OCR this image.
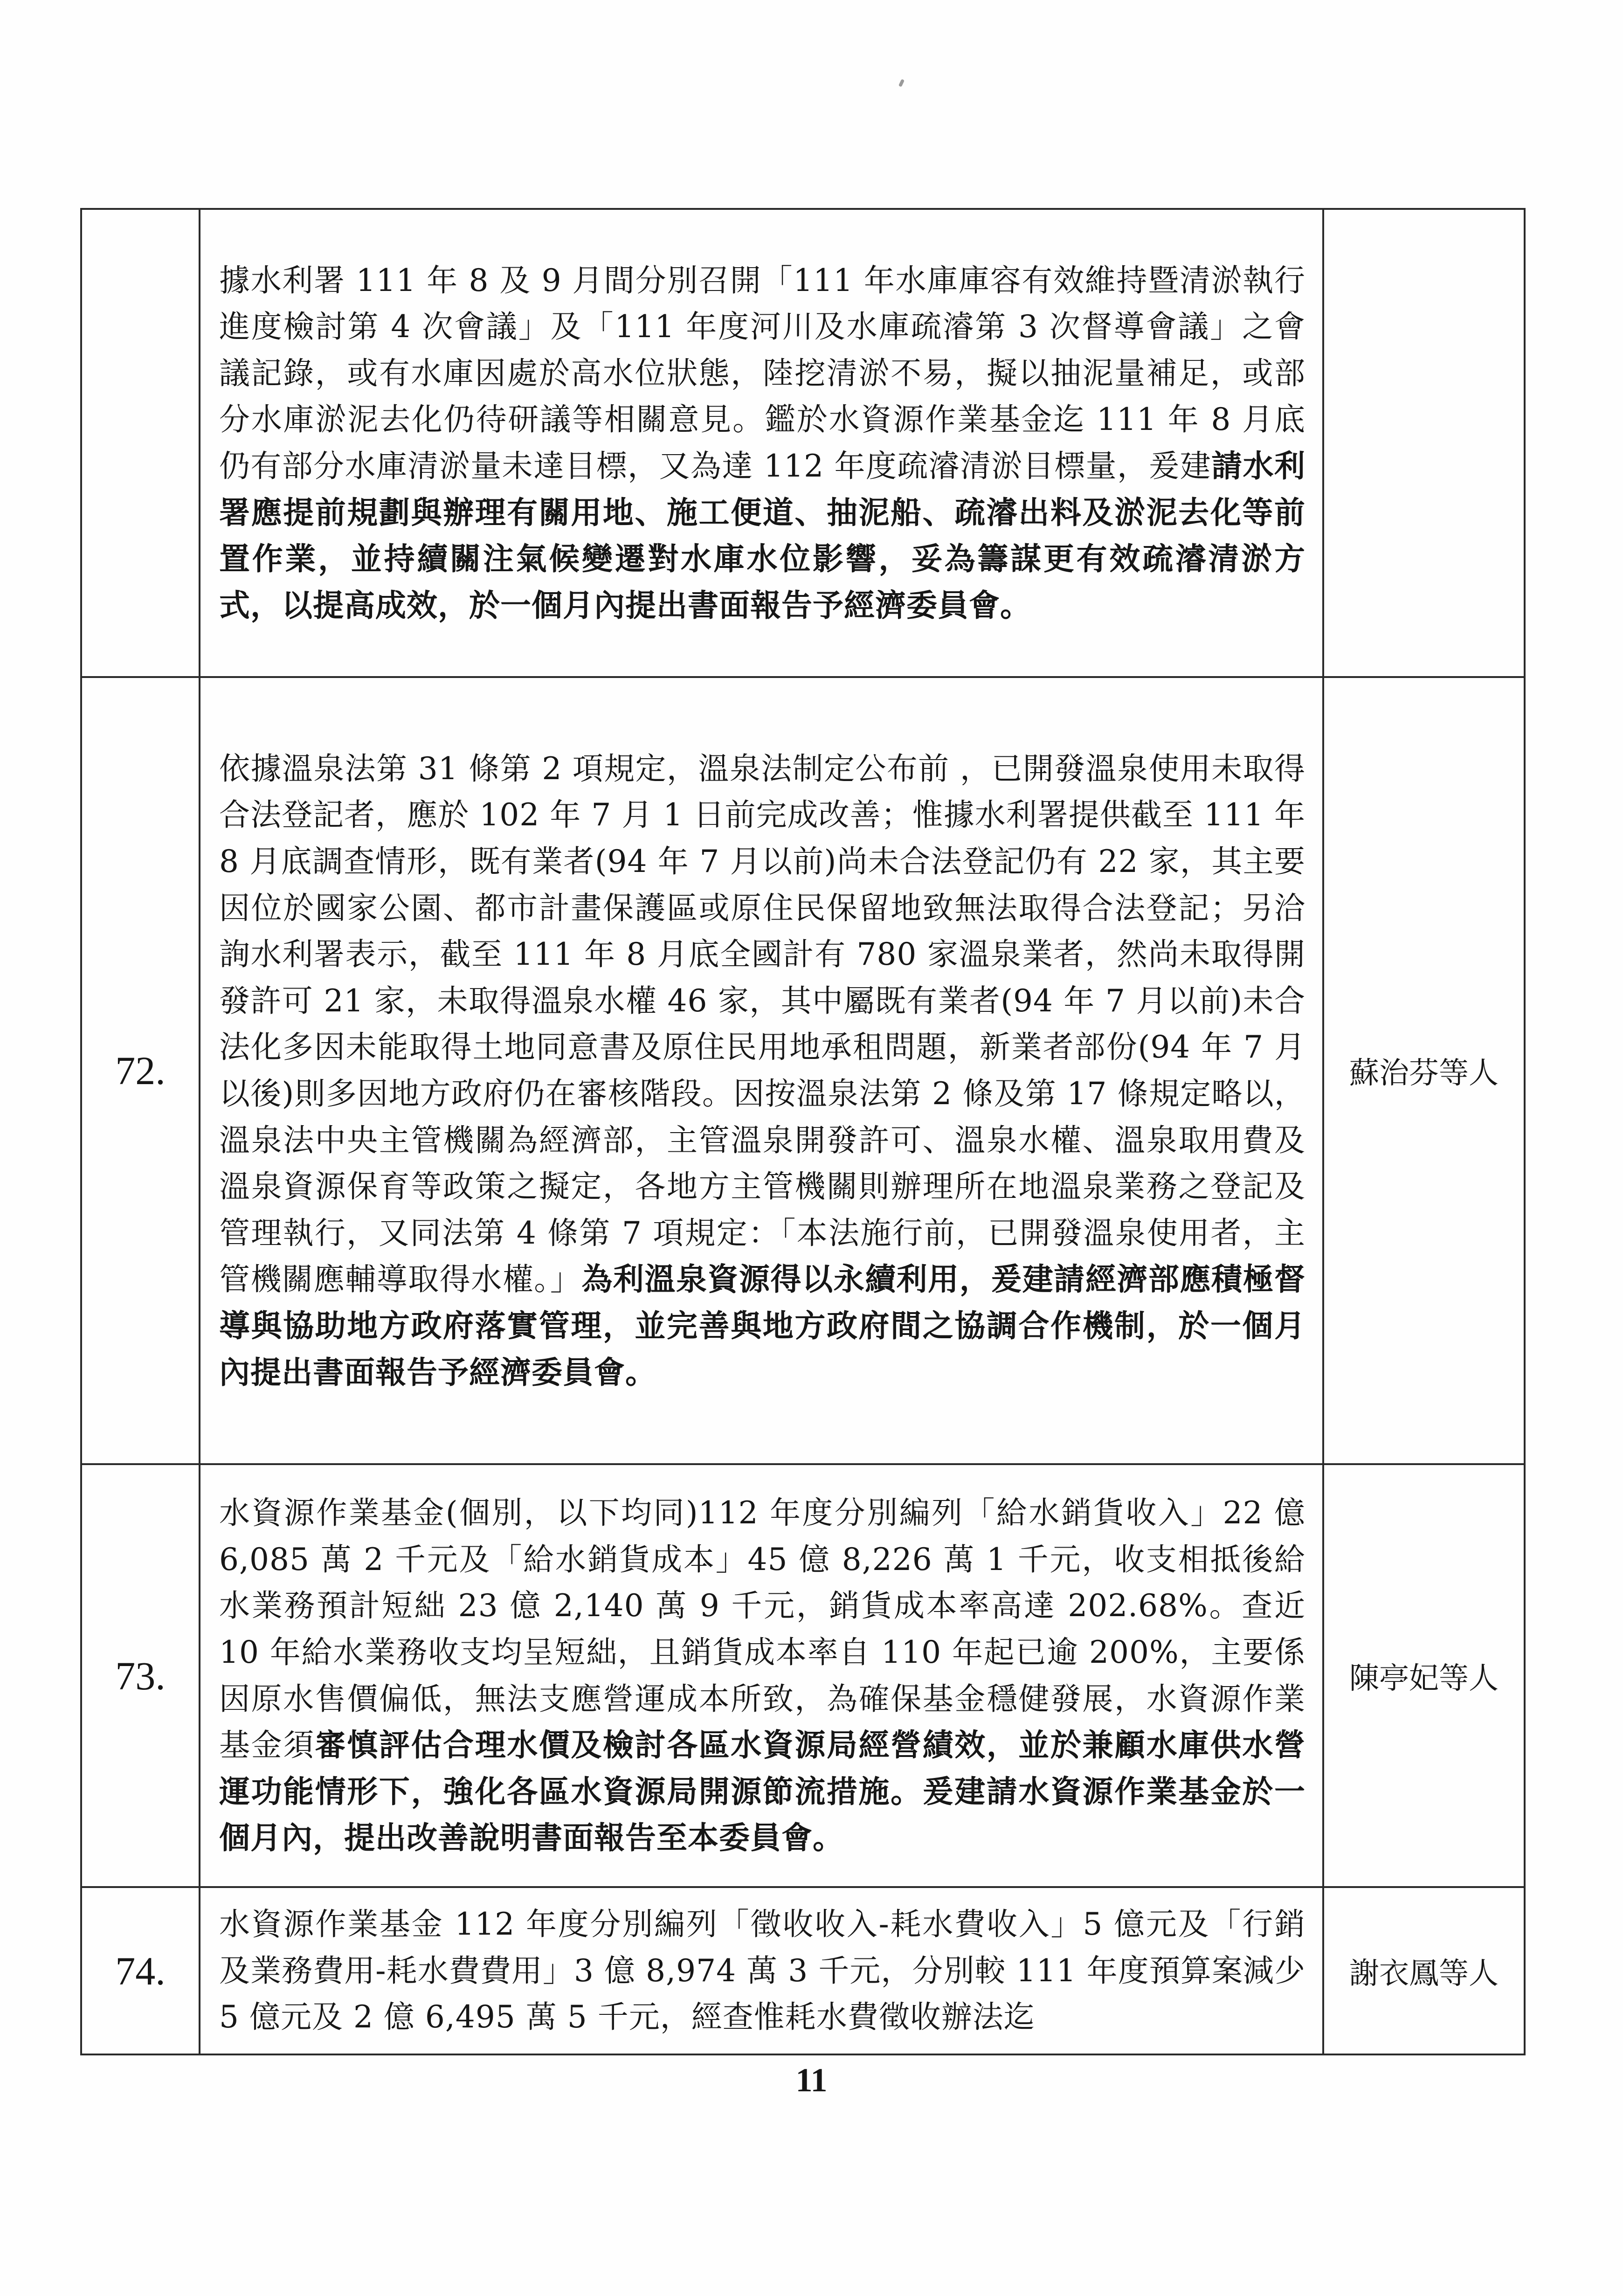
	據水利署 111 年 8 及 9 月間分別召開「111 年水庫庫容有效維持暨清淤執行進度檢討第 4 次會議」及「111 年度河川及水庫疏濬第 3 次督導會議」之會議記錄，或有水庫因處於高水位狀態，陸挖清淤不易，擬以抽泥量補足，或部分水庫淤泥去化仍待研議等相關意見。鑑於水資源作業基金迄 111 年 8 月底仍有部分水庫清淤量未達目標，又為達 112 年度疏濬清淤目標量，爰建請水利署應提前規劃與辦理有關用地、施工便道、抽泥船、疏濬出料及淤泥去化等前置作業，並持續關注氣候變遷對水庫水位影響，妥為籌謀更有效疏濬清淤方式，以提高成效，於一個月內提出書面報告予經濟委員會。	
72.	依據溫泉法第 31 條第 2 項規定，溫泉法制定公布前 ，已開發溫泉使用未取得合法登記者，應於 102 年 7 月 1 日前完成改善；惟據水利署提供截至 111 年 8 月底調查情形，既有業者(94 年 7 月以前)尚未合法登記仍有 22 家，其主要因位於國家公園、都市計畫保護區或原住民保留地致無法取得合法登記；另洽詢水利署表示，截至 111 年 8 月底全國計有 780 家溫泉業者，然尚未取得開發許可 21 家，未取得溫泉水權 46 家，其中屬既有業者(94 年 7 月以前)未合法化多因未能取得土地同意書及原住民用地承租問題，新業者部份(94 年 7 月以後)則多因地方政府仍在審核階段。因按溫泉法第 2 條及第 17 條規定略以，溫泉法中央主管機關為經濟部，主管溫泉開發許可、溫泉水權、溫泉取用費及溫泉資源保育等政策之擬定，各地方主管機關則辦理所在地溫泉業務之登記及管理執行，又同法第 4 條第 7 項規定：「本法施行前，已開發溫泉使用者，主管機關應輔導取得水權。」為利溫泉資源得以永續利用，爰建請經濟部應積極督導與協助地方政府落實管理，並完善與地方政府間之協調合作機制，於一個月內提出書面報告予經濟委員會。	蘇治芬等人
73.	水資源作業基金(個別，以下均同)112 年度分別編列「給水銷貨收入」22 億 6,085 萬 2 千元及「給水銷貨成本」45 億 8,226 萬 1 千元，收支相抵後給水業務預計短絀 23 億 2,140 萬 9 千元，銷貨成本率高達 202.68%。查近 10 年給水業務收支均呈短絀，且銷貨成本率自 110 年起已逾 200%，主要係因原水售價偏低，無法支應營運成本所致，為確保基金穩健發展，水資源作業基金須審慎評估合理水價及檢討各區水資源局經營績效，並於兼顧水庫供水營運功能情形下，強化各區水資源局開源節流措施。爰建請水資源作業基金於一個月內，提出改善說明書面報告至本委員會。	陳亭妃等人
74.	水資源作業基金 112 年度分別編列「徵收收入-耗水費收入」5 億元及「行銷及業務費用-耗水費費用」3 億 8,974 萬 3 千元，分別較 111 年度預算案減少 5 億元及 2 億 6,495 萬 5 千元，經查惟耗水費徵收辦法迄	謝衣鳳等人
11
